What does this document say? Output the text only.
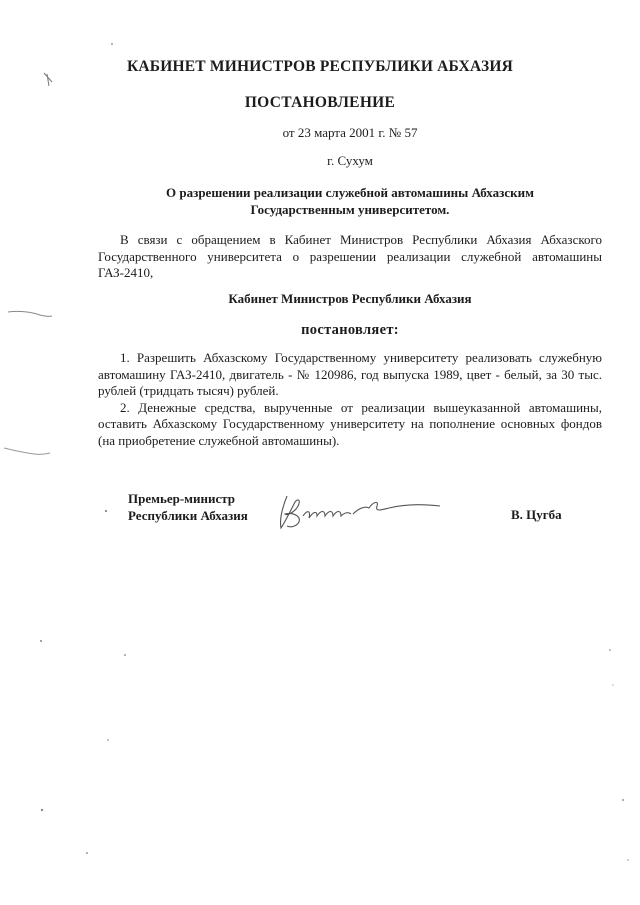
КАБИНЕТ МИНИСТРОВ РЕСПУБЛИКИ АБХАЗИЯ
ПОСТАНОВЛЕНИЕ
от 23 марта 2001 г. № 57
г. Сухум
О разрешении реализации служебной автомашины Абхазским
Государственным университетом.
В связи с обращением в Кабинет Министров Республики Абхазия Абхазского Государственного университета о разрешении реализации служебной автомашины ГАЗ-2410,
Кабинет Министров Республики Абхазия
постановляет:

1. Разрешить Абхазскому Государственному университету реализовать служебную автомашину ГАЗ-2410, двигатель - № 120986, год выпуска 1989, цвет - белый, за 30 тыс. рублей (тридцать тысяч) рублей.

2. Денежные средства, вырученные от реализации вышеуказанной автомашины, оставить Абхазскому Государственному университету на пополнение основных фондов (на приобретение служебной автомашины).

Премьер-министр
Республики Абхазия	В. Цугба
